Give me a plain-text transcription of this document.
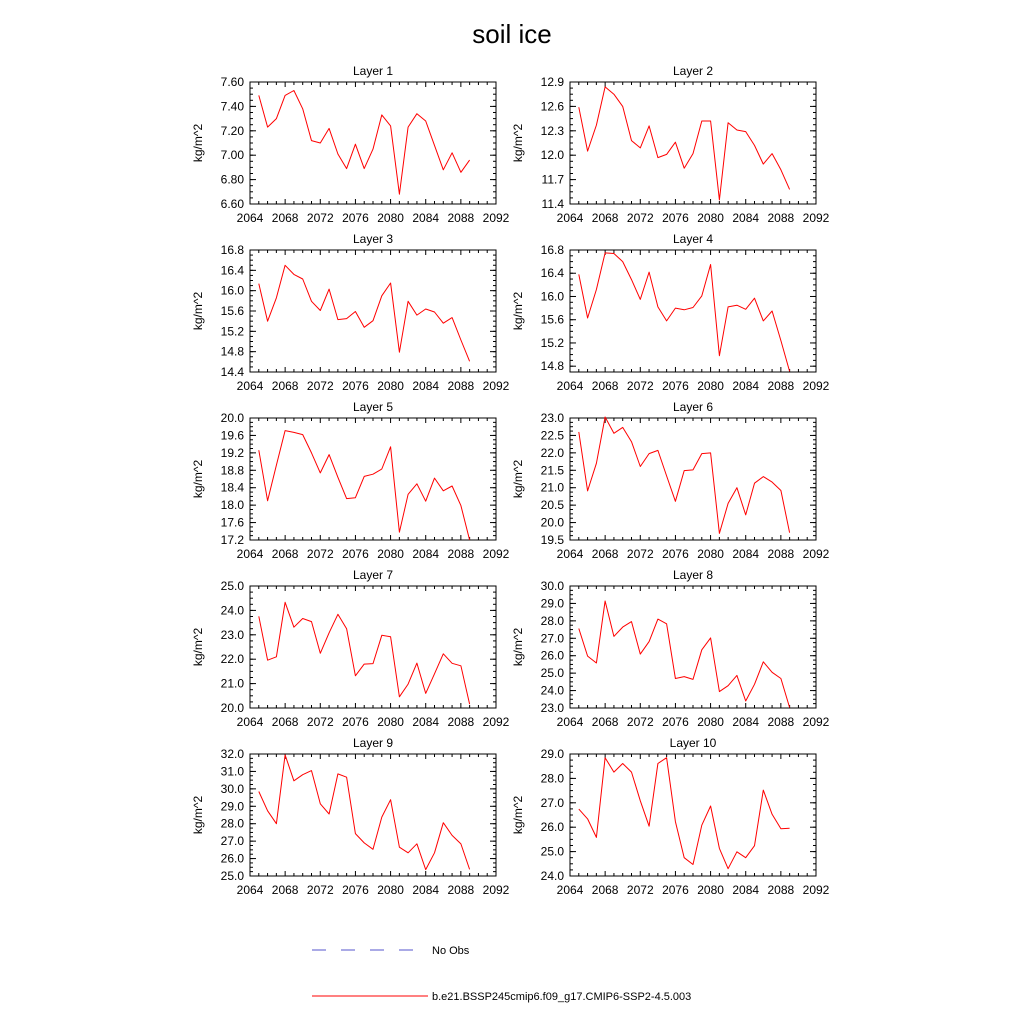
soil ice
Layer 1
kg/m^2
2064 2068 2072 2076 2080 2084 2088 2092
6.60
6.80
7.00
7.20
7.40
7.60
Layer 2
kg/m^2
2064 2068 2072 2076 2080 2084 2088 2092
11.4
11.7
12.0
12.3
12.6
12.9
Layer 3
kg/m^2
2064 2068 2072 2076 2080 2084 2088 2092
14.4
14.8
15.2
15.6
16.0
16.4
16.8
Layer 4
kg/m^2
2064 2068 2072 2076 2080 2084 2088 2092
14.8
15.2
15.6
16.0
16.4
16.8
Layer 5
kg/m^2
2064 2068 2072 2076 2080 2084 2088 2092
17.2
17.6
18.0
18.4
18.8
19.2
19.6
20.0
Layer 6
kg/m^2
2064 2068 2072 2076 2080 2084 2088 2092
19.5
20.0
20.5
21.0
21.5
22.0
22.5
23.0
Layer 7
kg/m^2
2064 2068 2072 2076 2080 2084 2088 2092
20.0
21.0
22.0
23.0
24.0
25.0
Layer 8
kg/m^2
2064 2068 2072 2076 2080 2084 2088 2092
23.0
24.0
25.0
26.0
27.0
28.0
29.0
30.0
Layer 9
kg/m^2
2064 2068 2072 2076 2080 2084 2088 2092
25.0
26.0
27.0
28.0
29.0
30.0
31.0
32.0
Layer 10
kg/m^2
2064 2068 2072 2076 2080 2084 2088 2092
24.0
25.0
26.0
27.0
28.0
29.0
No Obs
b.e21.BSSP245cmip6.f09_g17.CMIP6-SSP2-4.5.003
